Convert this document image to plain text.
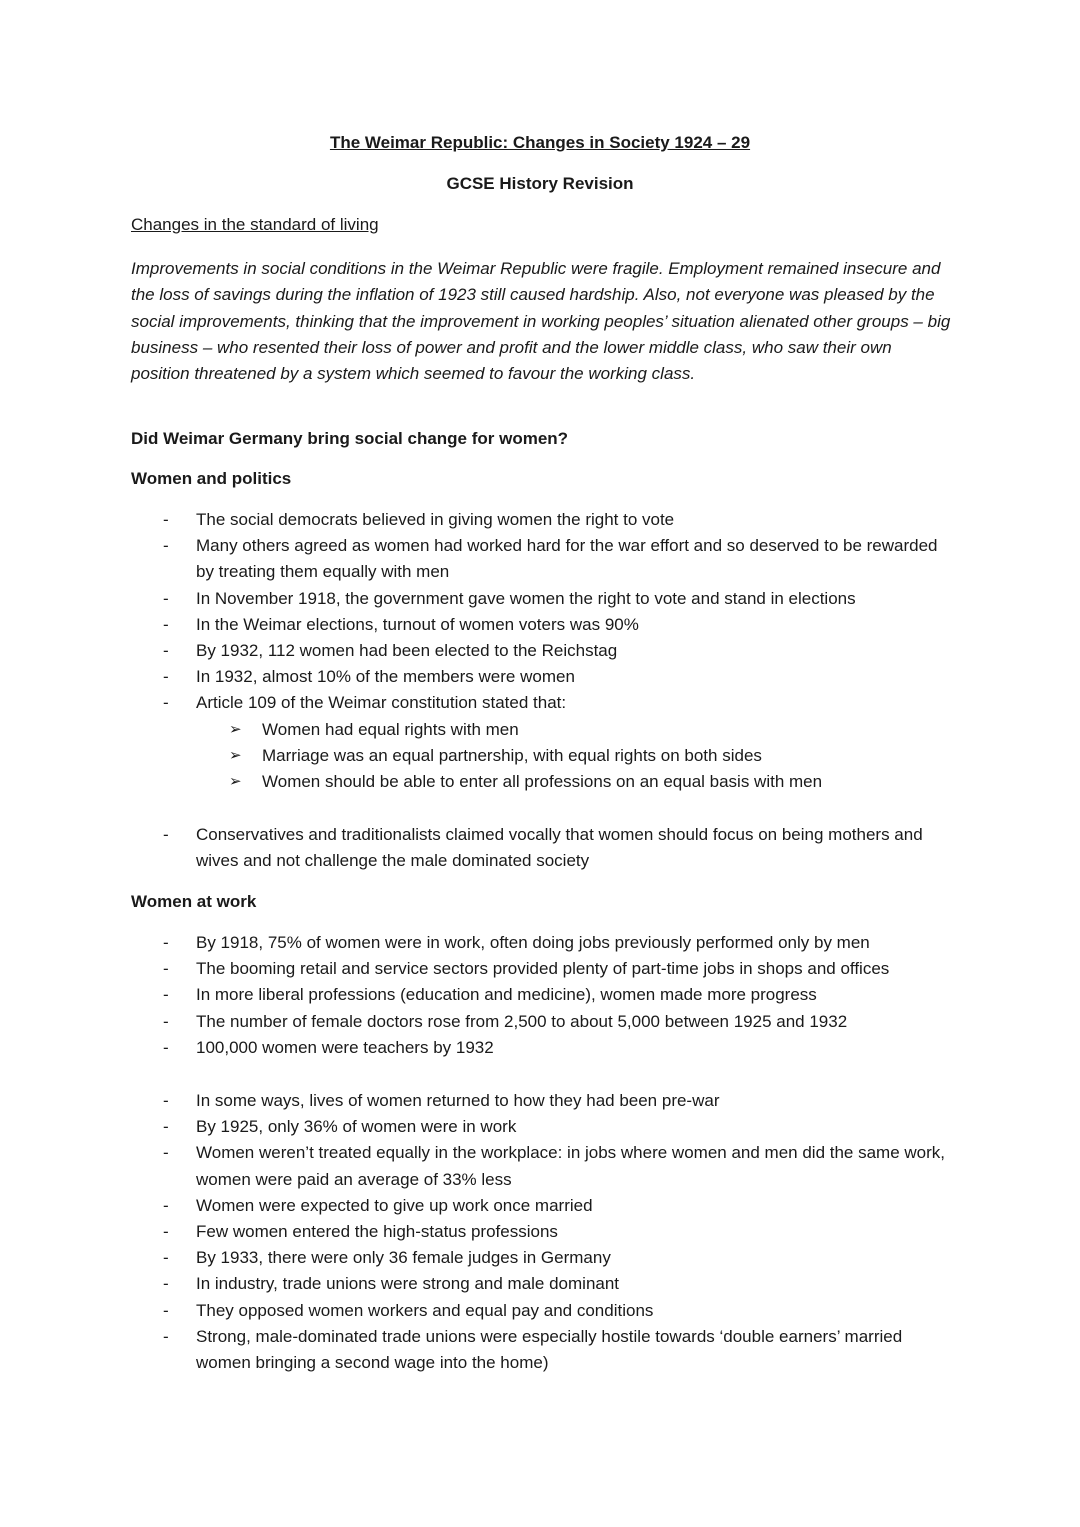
The Weimar Republic: Changes in Society 1924 – 29
GCSE History Revision
Changes in the standard of living

Improvements in social conditions in the Weimar Republic were fragile. Employment remained insecure and the loss of savings during the inflation of 1923 still caused hardship. Also, not everyone was pleased by the social improvements, thinking that the improvement in working peoples’ situation alienated other groups – big business – who resented their loss of power and profit and the lower middle class, who saw their own position threatened by a system which seemed to favour the working class.

Did Weimar Germany bring social change for women?
Women and politics
- The social democrats believed in giving women the right to vote
- Many others agreed as women had worked hard for the war effort and so deserved to be rewarded by treating them equally with men
- In November 1918, the government gave women the right to vote and stand in elections
- In the Weimar elections, turnout of women voters was 90%
- By 1932, 112 women had been elected to the Reichstag
- In 1932, almost 10% of the members were women
- Article 109 of the Weimar constitution stated that:
➢ Women had equal rights with men
➢ Marriage was an equal partnership, with equal rights on both sides
➢ Women should be able to enter all professions on an equal basis with men
- Conservatives and traditionalists claimed vocally that women should focus on being mothers and wives and not challenge the male dominated society
Women at work
- By 1918, 75% of women were in work, often doing jobs previously performed only by men
- The booming retail and service sectors provided plenty of part-time jobs in shops and offices
- In more liberal professions (education and medicine), women made more progress
- The number of female doctors rose from 2,500 to about 5,000 between 1925 and 1932
- 100,000 women were teachers by 1932
- In some ways, lives of women returned to how they had been pre-war
- By 1925, only 36% of women were in work
- Women weren’t treated equally in the workplace: in jobs where women and men did the same work, women were paid an average of 33% less
- Women were expected to give up work once married
- Few women entered the high-status professions
- By 1933, there were only 36 female judges in Germany
- In industry, trade unions were strong and male dominant
- They opposed women workers and equal pay and conditions
- Strong, male-dominated trade unions were especially hostile towards ‘double earners’ married women bringing a second wage into the home)
